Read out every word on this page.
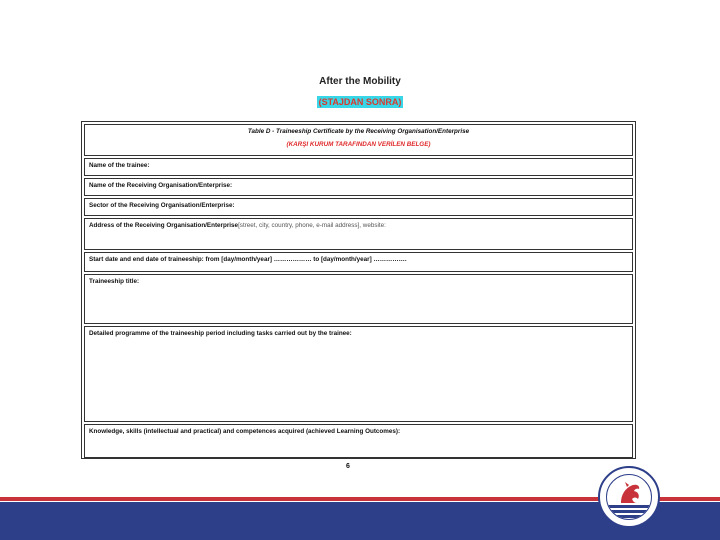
After the Mobility
(STAJDAN SONRA)
Table D - Traineeship Certificate by the Receiving Organisation/Enterprise
(KARŞI KURUM TARAFINDAN VERİLEN BELGE)
Name of the trainee:
Name of the Receiving Organisation/Enterprise:
Sector of the Receiving Organisation/Enterprise:
Address of the Receiving Organisation/Enterprise[street, city, country, phone, e-mail address], website:
Start date and end date of traineeship: from [day/month/year] ……………… to [day/month/year] …………….
Traineeship title:
Detailed programme of the traineeship period including tasks carried out by the trainee:
Knowledge, skills (intellectual and practical) and competences acquired (achieved Learning Outcomes):
6
